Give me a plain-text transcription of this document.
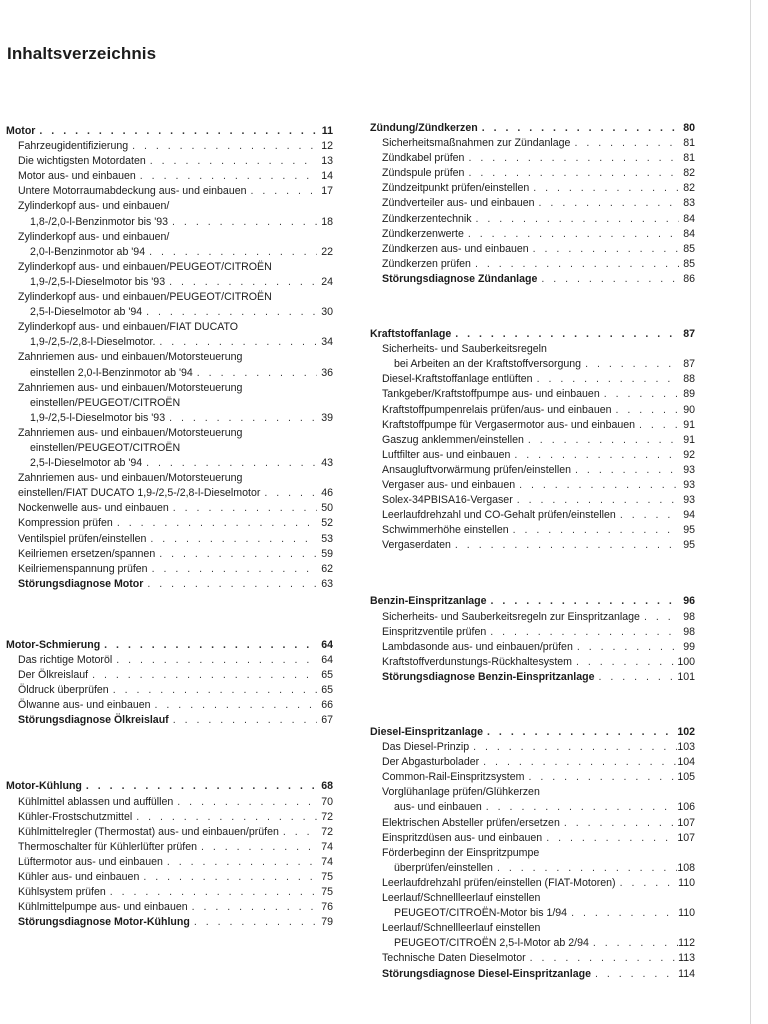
Inhaltsverzeichnis
Motor . . .	11
Fahrzeugidentifizierung . . .	12
Die wichtigsten Motordaten . . .	13
Motor aus- und einbauen . . .	14
Untere Motorraumabdeckung aus- und einbauen . . .	17
Zylinderkopf aus- und einbauen/
1,8-/2,0-l-Benzinmotor bis '93 . . .	18
Zylinderkopf aus- und einbauen/
2,0-l-Benzinmotor ab '94 . . .	22
Zylinderkopf aus- und einbauen/PEUGEOT/CITROËN
1,9-/2,5-l-Dieselmotor bis '93 . . .	24
Zylinderkopf aus- und einbauen/PEUGEOT/CITROËN
2,5-l-Dieselmotor ab '94 . . .	30
Zylinderkopf aus- und einbauen/FIAT DUCATO
1,9-/2,5-/2,8-l-Dieselmotor. . . .	34
Zahnriemen aus- und einbauen/Motorsteuerung
einstellen 2,0-l-Benzinmotor ab '94 . . .	36
Zahnriemen aus- und einbauen/Motorsteuerung
einstellen/PEUGEOT/CITROËN
1,9-/2,5-l-Dieselmotor bis '93 . . .	39
Zahnriemen aus- und einbauen/Motorsteuerung
einstellen/PEUGEOT/CITROËN
2,5-l-Dieselmotor ab '94 . . .	43
Zahnriemen aus- und einbauen/Motorsteuerung
einstellen/FIAT DUCATO 1,9-/2,5-/2,8-l-Dieselmotor . . .	46
Nockenwelle aus- und einbauen . . .	50
Kompression prüfen . . .	52
Ventilspiel prüfen/einstellen . . .	53
Keilriemen ersetzen/spannen . . .	59
Keilriemenspannung prüfen . . .	62
Störungsdiagnose Motor . . .	63
Motor-Schmierung . . .	64
Das richtige Motoröl . . .	64
Der Ölkreislauf . . .	65
Öldruck überprüfen . . .	65
Ölwanne aus- und einbauen . . .	66
Störungsdiagnose Ölkreislauf . . .	67
Motor-Kühlung . . .	68
Kühlmittel ablassen und auffüllen . . .	70
Kühler-Frostschutzmittel . . .	72
Kühlmittelregler (Thermostat) aus- und einbauen/prüfen . . .	72
Thermoschalter für Kühlerlüfter prüfen . . .	74
Lüftermotor aus- und einbauen . . .	74
Kühler aus- und einbauen . . .	75
Kühlsystem prüfen . . .	75
Kühlmittelpumpe aus- und einbauen . . .	76
Störungsdiagnose Motor-Kühlung . . .	79
Zündung/Zündkerzen . . .	80
Sicherheitsmaßnahmen zur Zündanlage . . .	81
Zündkabel prüfen . . .	81
Zündspule prüfen . . .	82
Zündzeitpunkt prüfen/einstellen . . .	82
Zündverteiler aus- und einbauen . . .	83
Zündkerzentechnik . . .	84
Zündkerzenwerte . . .	84
Zündkerzen aus- und einbauen . . .	85
Zündkerzen prüfen . . .	85
Störungsdiagnose Zündanlage . . .	86
Kraftstoffanlage . . .	87
Sicherheits- und Sauberkeitsregeln
bei Arbeiten an der Kraftstoffversorgung . . .	87
Diesel-Kraftstoffanlage entlüften . . .	88
Tankgeber/Kraftstoffpumpe aus- und einbauen . . .	89
Kraftstoffpumpenrelais prüfen/aus- und einbauen . . .	90
Kraftstoffpumpe für Vergasermotor aus- und einbauen . . .	91
Gaszug anklemmen/einstellen . . .	91
Luftfilter aus- und einbauen . . .	92
Ansaugluftvorwärmung prüfen/einstellen . . .	93
Vergaser aus- und einbauen . . .	93
Solex-34PBISA16-Vergaser . . .	93
Leerlaufdrehzahl und CO-Gehalt prüfen/einstellen . . .	94
Schwimmerhöhe einstellen . . .	95
Vergaserdaten . . .	95
Benzin-Einspritzanlage . . .	96
Sicherheits- und Sauberkeitsregeln zur Einspritzanlage . . .	98
Einspritzventile prüfen . . .	98
Lambdasonde aus- und einbauen/prüfen . . .	99
Kraftstoffverdunstungs-Rückhaltesystem . . .	100
Störungsdiagnose Benzin-Einspritzanlage . . .	101
Diesel-Einspritzanlage . . .	102
Das Diesel-Prinzip . . .	103
Der Abgasturbolader . . .	104
Common-Rail-Einspritzsystem . . .	105
Vorglühanlage prüfen/Glühkerzen
aus- und einbauen . . .	106
Elektrischen Absteller prüfen/ersetzen . . .	107
Einspritzdüsen aus- und einbauen . . .	107
Förderbeginn der Einspritzpumpe
überprüfen/einstellen . . .	108
Leerlaufdrehzahl prüfen/einstellen (FIAT-Motoren) . . .	110
Leerlauf/Schnellleerlauf einstellen
PEUGEOT/CITROËN-Motor bis 1/94 . . .	110
Leerlauf/Schnellleerlauf einstellen
PEUGEOT/CITROËN 2,5-l-Motor ab 2/94 . . .	112
Technische Daten Dieselmotor . . .	113
Störungsdiagnose Diesel-Einspritzanlage . . .	114
